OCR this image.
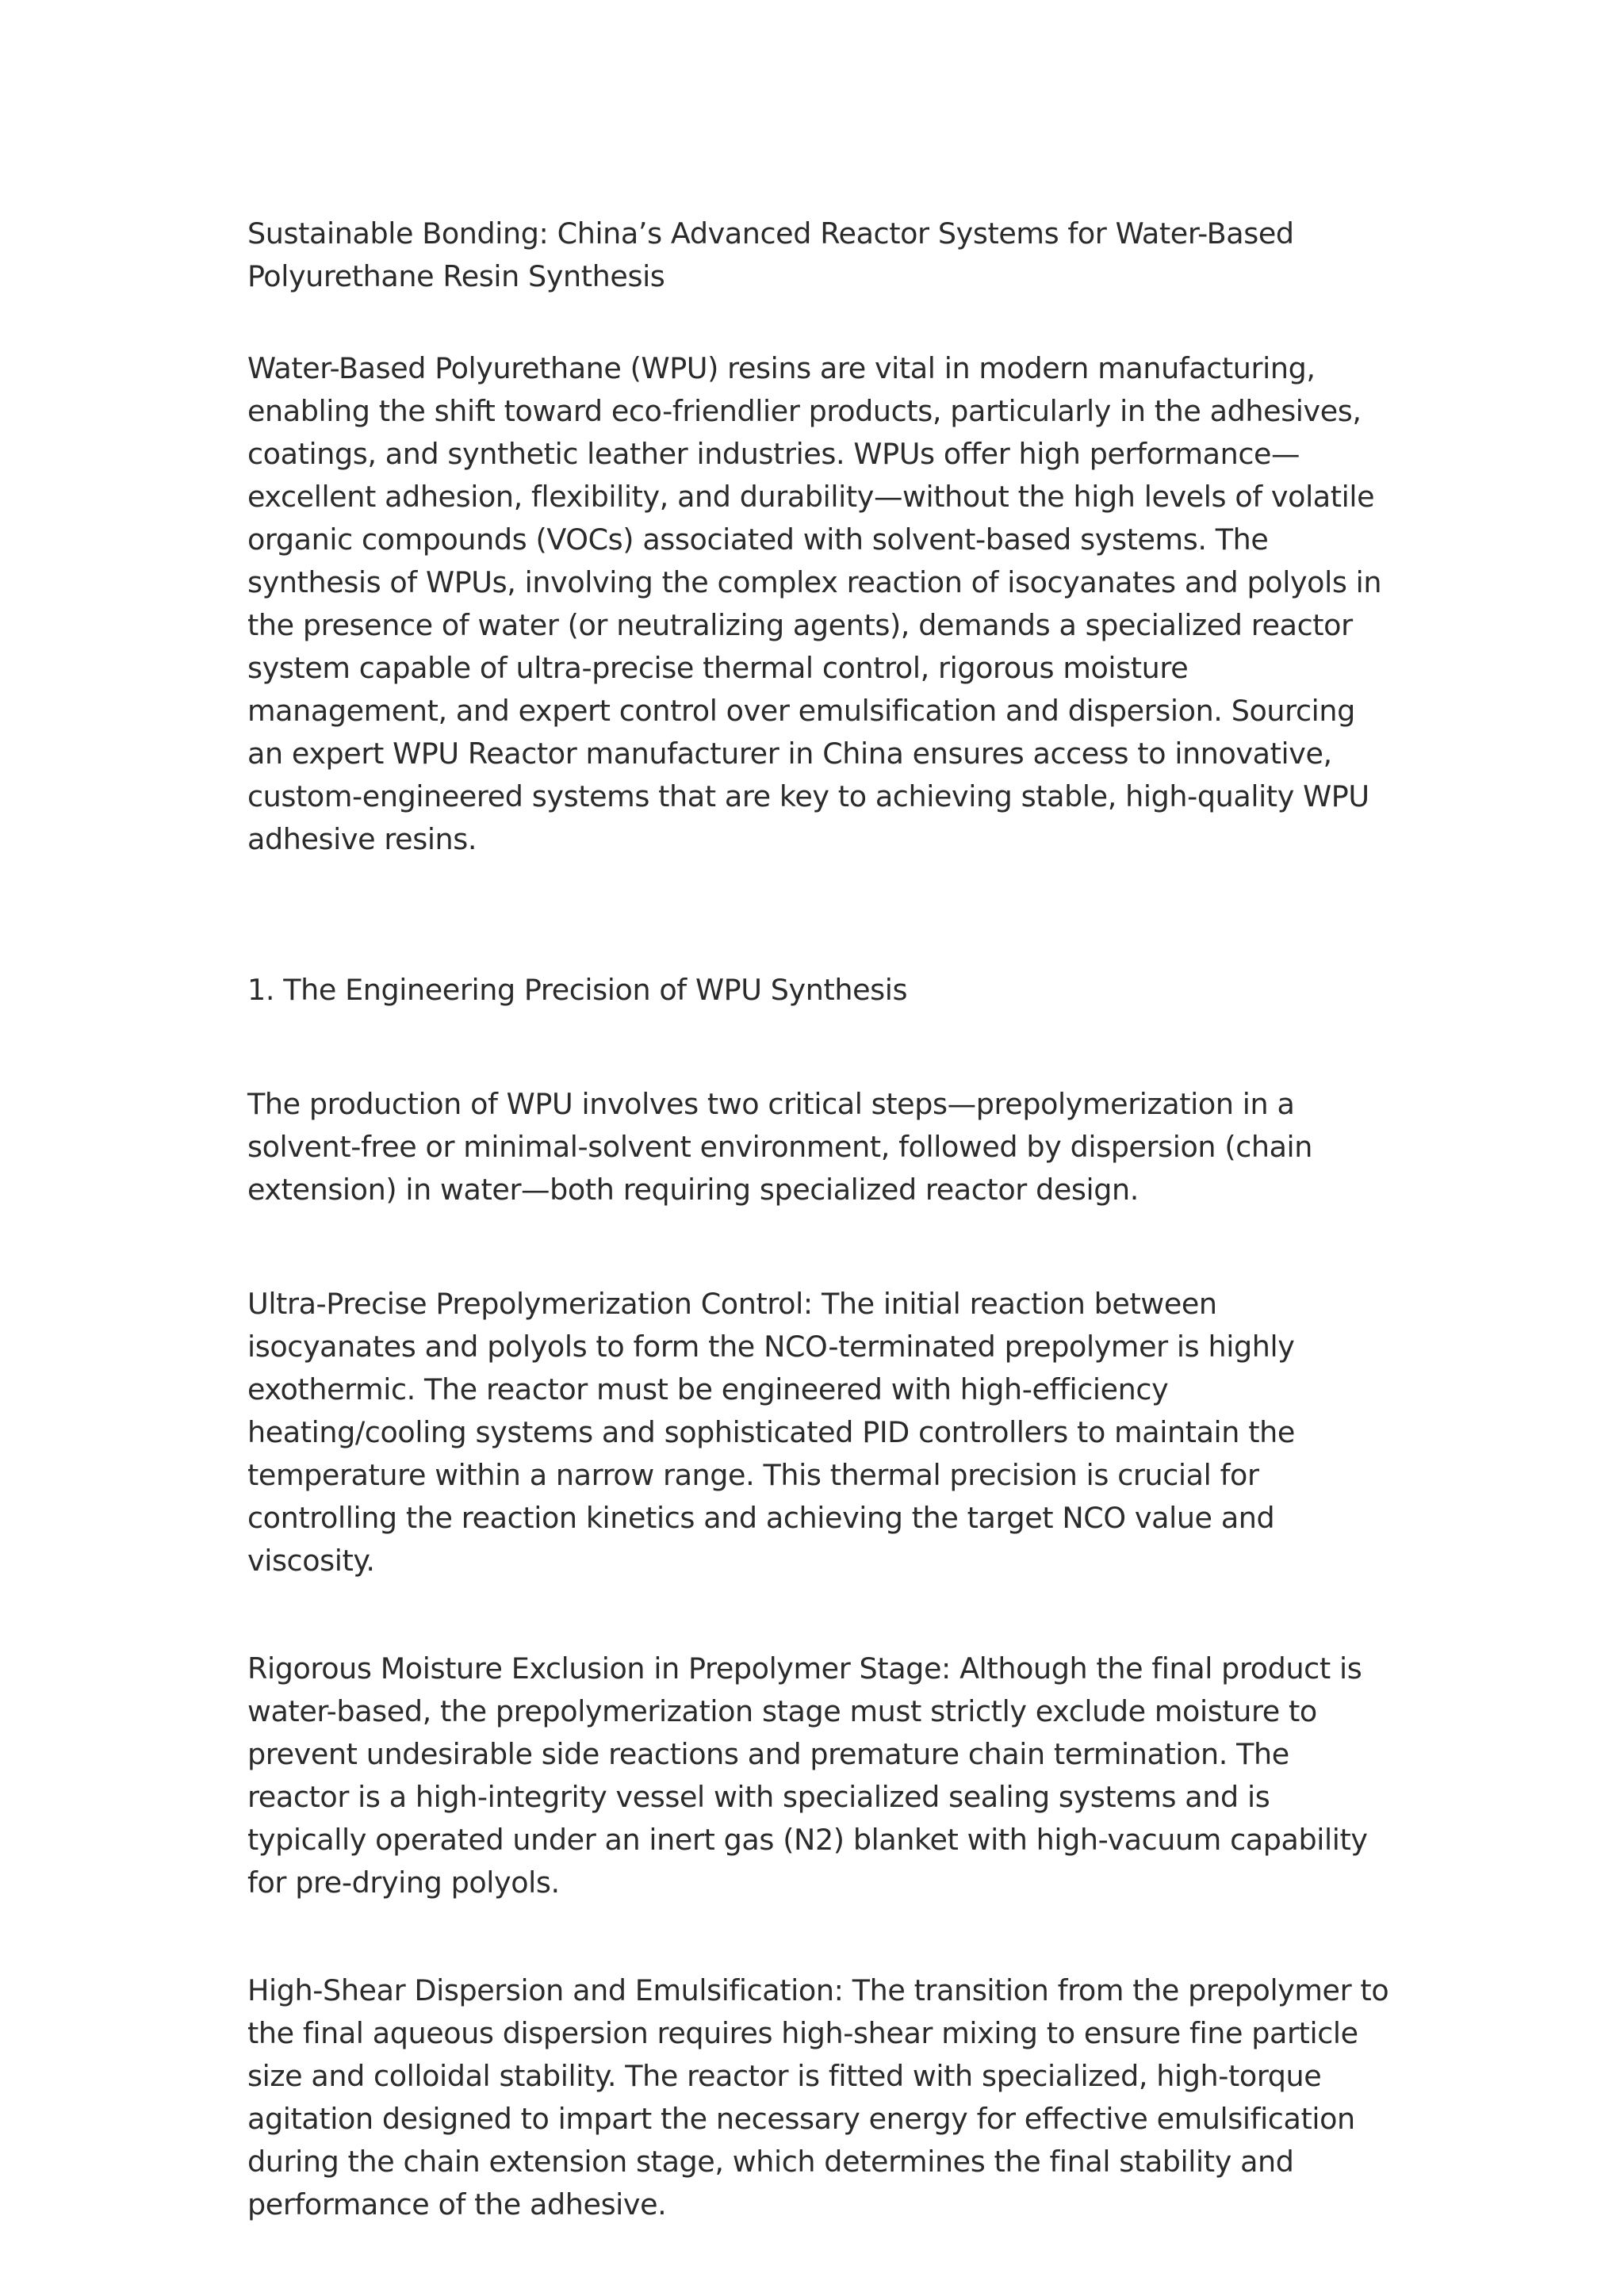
Sustainable Bonding: China’s Advanced Reactor Systems for Water-Based Polyurethane Resin Synthesis

Water-Based Polyurethane (WPU) resins are vital in modern manufacturing, enabling the shift toward eco-friendlier products, particularly in the adhesives, coatings, and synthetic leather industries. WPUs offer high performance—excellent adhesion, flexibility, and durability—without the high levels of volatile organic compounds (VOCs) associated with solvent-based systems. The synthesis of WPUs, involving the complex reaction of isocyanates and polyols in the presence of water (or neutralizing agents), demands a specialized reactor system capable of ultra-precise thermal control, rigorous moisture management, and expert control over emulsification and dispersion. Sourcing an expert WPU Reactor manufacturer in China ensures access to innovative, custom-engineered systems that are key to achieving stable, high-quality WPU adhesive resins.

1. The Engineering Precision of WPU Synthesis

The production of WPU involves two critical steps—prepolymerization in a solvent-free or minimal-solvent environment, followed by dispersion (chain extension) in water—both requiring specialized reactor design.

Ultra-Precise Prepolymerization Control: The initial reaction between isocyanates and polyols to form the NCO-terminated prepolymer is highly exothermic. The reactor must be engineered with high-efficiency heating/cooling systems and sophisticated PID controllers to maintain the temperature within a narrow range. This thermal precision is crucial for controlling the reaction kinetics and achieving the target NCO value and viscosity.

Rigorous Moisture Exclusion in Prepolymer Stage: Although the final product is water-based, the prepolymerization stage must strictly exclude moisture to prevent undesirable side reactions and premature chain termination. The reactor is a high-integrity vessel with specialized sealing systems and is typically operated under an inert gas (N2) blanket with high-vacuum capability for pre-drying polyols.

High-Shear Dispersion and Emulsification: The transition from the prepolymer to the final aqueous dispersion requires high-shear mixing to ensure fine particle size and colloidal stability. The reactor is fitted with specialized, high-torque agitation designed to impart the necessary energy for effective emulsification during the chain extension stage, which determines the final stability and performance of the adhesive.
